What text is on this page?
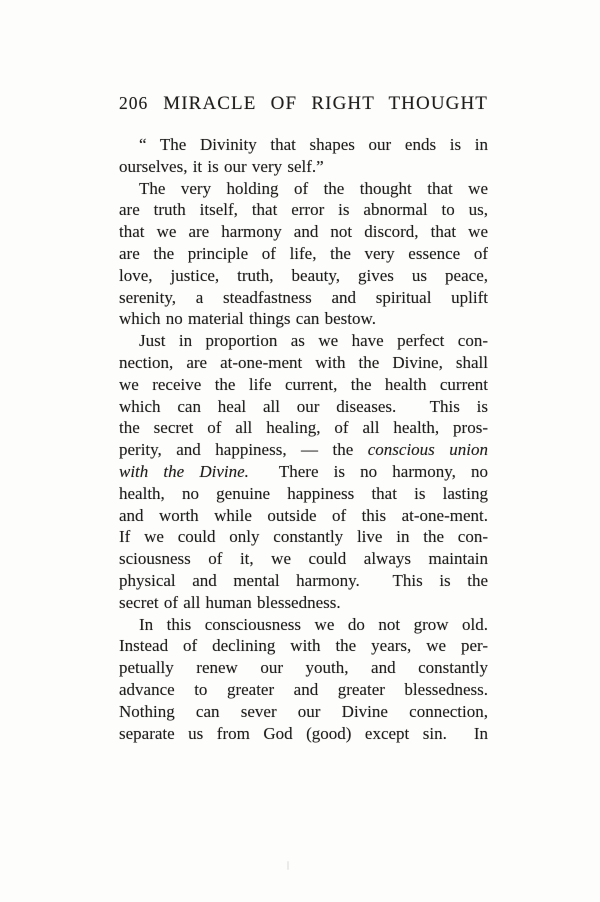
206 MIRACLE OF RIGHT THOUGHT

“ The Divinity that shapes our ends is in
ourselves, it is our very self.”

The very holding of the thought that we
are truth itself, that error is abnormal to us,
that we are harmony and not discord, that we
are the principle of life, the very essence of
love, justice, truth, beauty, gives us peace,
serenity, a steadfastness and spiritual uplift
which no material things can bestow.

Just in proportion as we have perfect con-
nection, are at-one-ment with the Divine, shall
we receive the life current, the health current
which can heal all our diseases.  This is
the secret of all healing, of all health, pros-
perity, and happiness, — the conscious union
with the Divine.  There is no harmony, no
health, no genuine happiness that is lasting
and worth while outside of this at-one-ment.
If we could only constantly live in the con-
sciousness of it, we could always maintain
physical and mental harmony.  This is the
secret of all human blessedness.

In this consciousness we do not grow old.
Instead of declining with the years, we per-
petually renew our youth, and constantly
advance to greater and greater blessedness.
Nothing can sever our Divine connection,
separate us from God (good) except sin.  In
